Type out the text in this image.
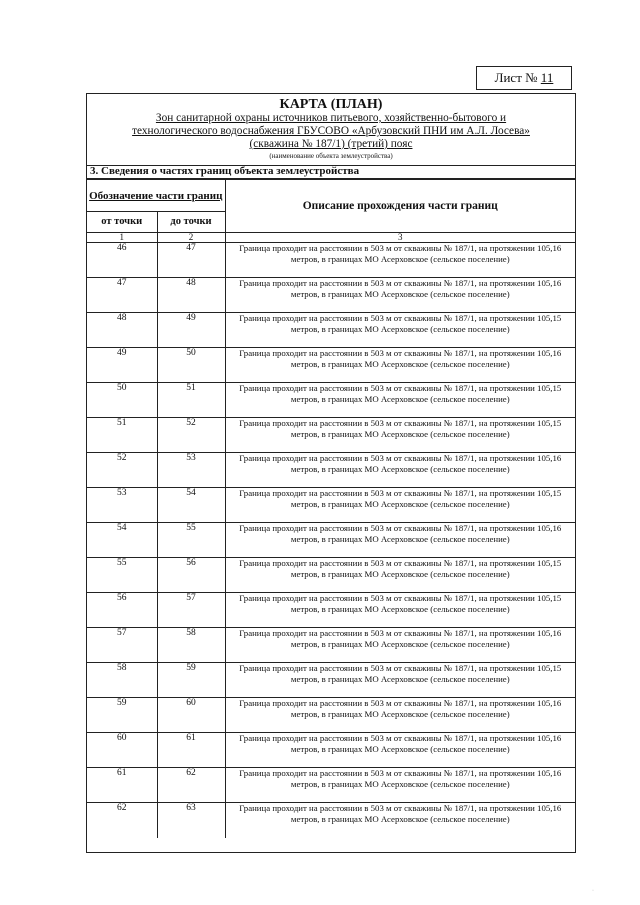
Лист № 11
КАРТА (ПЛАН)
Зон санитарной охраны источников питьевого, хозяйственно-бытового и
технологического водоснабжения ГБУСОВО «Арбузовский ПНИ им А.Л. Лосева»
(скважина № 187/1) (третий) пояс
(наименование объекта землеустройства)
3. Сведения о частях границ объекта землеустройства
Обозначение части границ		Описание прохождения части границ
от точки	до точки	
1	2	3
46	47	Граница проходит на расстоянии в 503 м от скважины № 187/1, на протяжении 105,16 метров, в границах МО Асерховское (сельское поселение)
47	48	Граница проходит на расстоянии в 503 м от скважины № 187/1, на протяжении 105,16 метров, в границах МО Асерховское (сельское поселение)
48	49	Граница проходит на расстоянии в 503 м от скважины № 187/1, на протяжении 105,15 метров, в границах МО Асерховское (сельское поселение)
49	50	Граница проходит на расстоянии в 503 м от скважины № 187/1, на протяжении 105,16 метров, в границах МО Асерховское (сельское поселение)
50	51	Граница проходит на расстоянии в 503 м от скважины № 187/1, на протяжении 105,15 метров, в границах МО Асерховское (сельское поселение)
51	52	Граница проходит на расстоянии в 503 м от скважины № 187/1, на протяжении 105,15 метров, в границах МО Асерховское (сельское поселение)
52	53	Граница проходит на расстоянии в 503 м от скважины № 187/1, на протяжении 105,16 метров, в границах МО Асерховское (сельское поселение)
53	54	Граница проходит на расстоянии в 503 м от скважины № 187/1, на протяжении 105,15 метров, в границах МО Асерховское (сельское поселение)
54	55	Граница проходит на расстоянии в 503 м от скважины № 187/1, на протяжении 105,16 метров, в границах МО Асерховское (сельское поселение)
55	56	Граница проходит на расстоянии в 503 м от скважины № 187/1, на протяжении 105,15 метров, в границах МО Асерховское (сельское поселение)
56	57	Граница проходит на расстоянии в 503 м от скважины № 187/1, на протяжении 105,15 метров, в границах МО Асерховское (сельское поселение)
57	58	Граница проходит на расстоянии в 503 м от скважины № 187/1, на протяжении 105,16 метров, в границах МО Асерховское (сельское поселение)
58	59	Граница проходит на расстоянии в 503 м от скважины № 187/1, на протяжении 105,15 метров, в границах МО Асерховское (сельское поселение)
59	60	Граница проходит на расстоянии в 503 м от скважины № 187/1, на протяжении 105,16 метров, в границах МО Асерховское (сельское поселение)
60	61	Граница проходит на расстоянии в 503 м от скважины № 187/1, на протяжении 105,16 метров, в границах МО Асерховское (сельское поселение)
61	62	Граница проходит на расстоянии в 503 м от скважины № 187/1, на протяжении 105,16 метров, в границах МО Асерховское (сельское поселение)
62	63	Граница проходит на расстоянии в 503 м от скважины № 187/1, на протяжении 105,16 метров, в границах МО Асерховское (сельское поселение)
·
